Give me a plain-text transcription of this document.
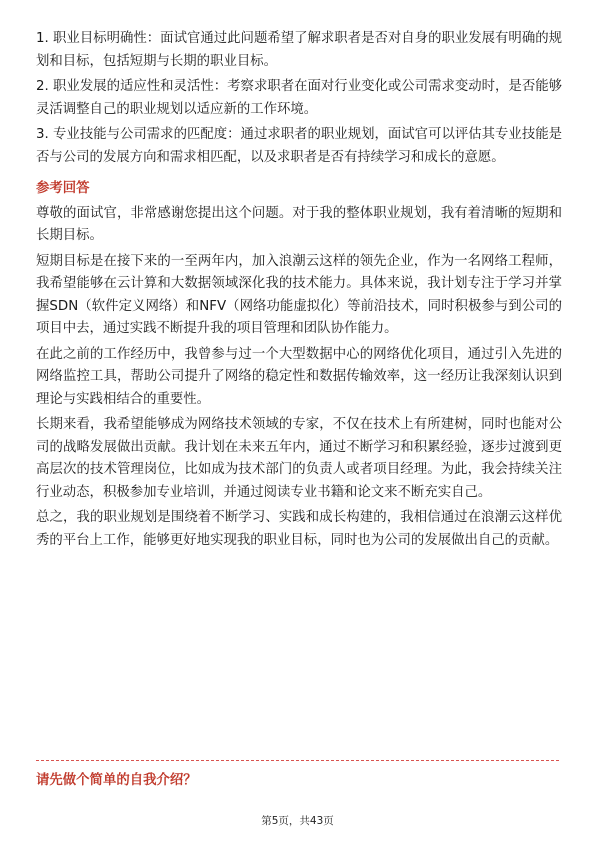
1. 职业目标明确性：面试官通过此问题希望了解求职者是否对自身的职业发展有明确的规划和目标，包括短期与长期的职业目标。

2. 职业发展的适应性和灵活性：考察求职者在面对行业变化或公司需求变动时，是否能够灵活调整自己的职业规划以适应新的工作环境。

3. 专业技能与公司需求的匹配度：通过求职者的职业规划，面试官可以评估其专业技能是否与公司的发展方向和需求相匹配，以及求职者是否有持续学习和成长的意愿。

参考回答

尊敬的面试官，非常感谢您提出这个问题。对于我的整体职业规划，我有着清晰的短期和长期目标。

短期目标是在接下来的一至两年内，加入浪潮云这样的领先企业，作为一名网络工程师，我希望能够在云计算和大数据领域深化我的技术能力。具体来说，我计划专注于学习并掌握SDN（软件定义网络）和NFV（网络功能虚拟化）等前沿技术，同时积极参与到公司的项目中去，通过实践不断提升我的项目管理和团队协作能力。

在此之前的工作经历中，我曾参与过一个大型数据中心的网络优化项目，通过引入先进的网络监控工具，帮助公司提升了网络的稳定性和数据传输效率，这一经历让我深刻认识到理论与实践相结合的重要性。

长期来看，我希望能够成为网络技术领域的专家，不仅在技术上有所建树，同时也能对公司的战略发展做出贡献。我计划在未来五年内，通过不断学习和积累经验，逐步过渡到更高层次的技术管理岗位，比如成为技术部门的负责人或者项目经理。为此，我会持续关注行业动态，积极参加专业培训，并通过阅读专业书籍和论文来不断充实自己。

总之，我的职业规划是围绕着不断学习、实践和成长构建的，我相信通过在浪潮云这样优秀的平台上工作，能够更好地实现我的职业目标，同时也为公司的发展做出自己的贡献。

请先做个简单的自我介绍？
第5页，共43页
